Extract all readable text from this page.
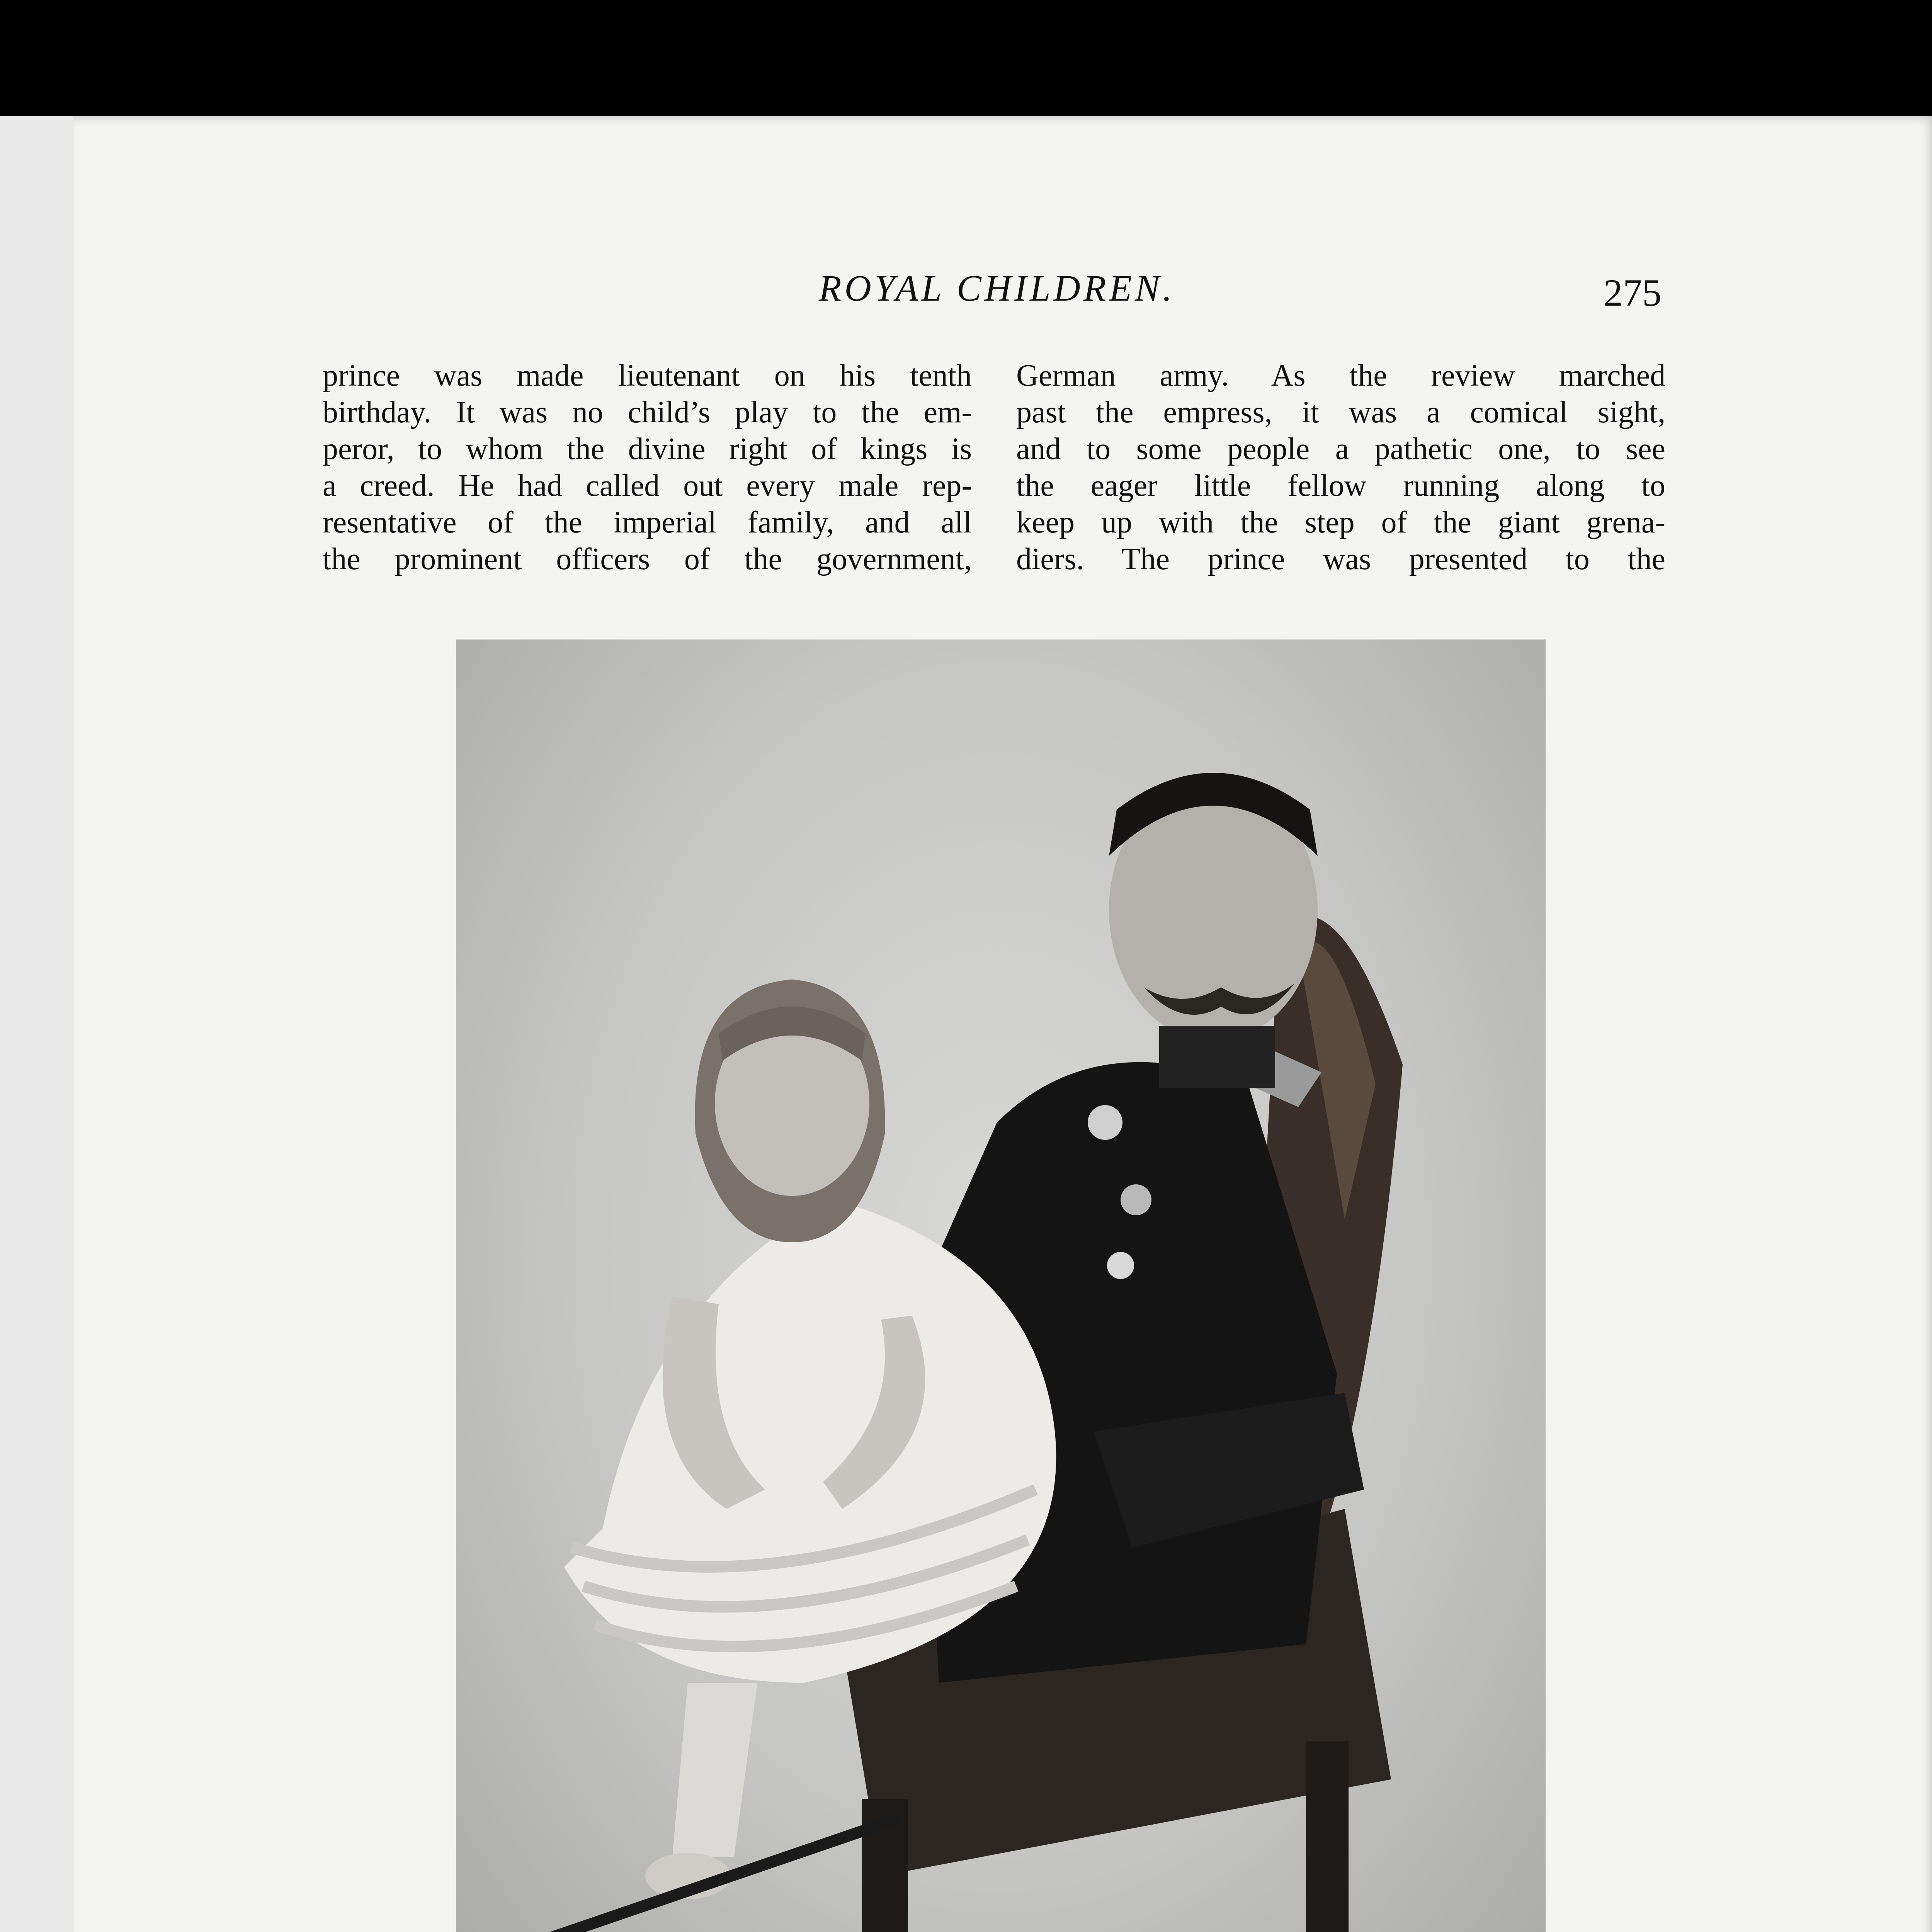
ROYAL CHILDREN.	275

prince was made lieutenant on his tenth

birthday. It was no child’s play to the em-

peror, to whom the divine right of kings is

a creed. He had called out every male rep-

resentative of the imperial family, and all

the prominent officers of the government,

German army. As the review marched

past the empress, it was a comical sight,

and to some people a pathetic one, to see

the eager little fellow running along to

keep up with the step of the giant grena-

diers. The prince was presented to the
